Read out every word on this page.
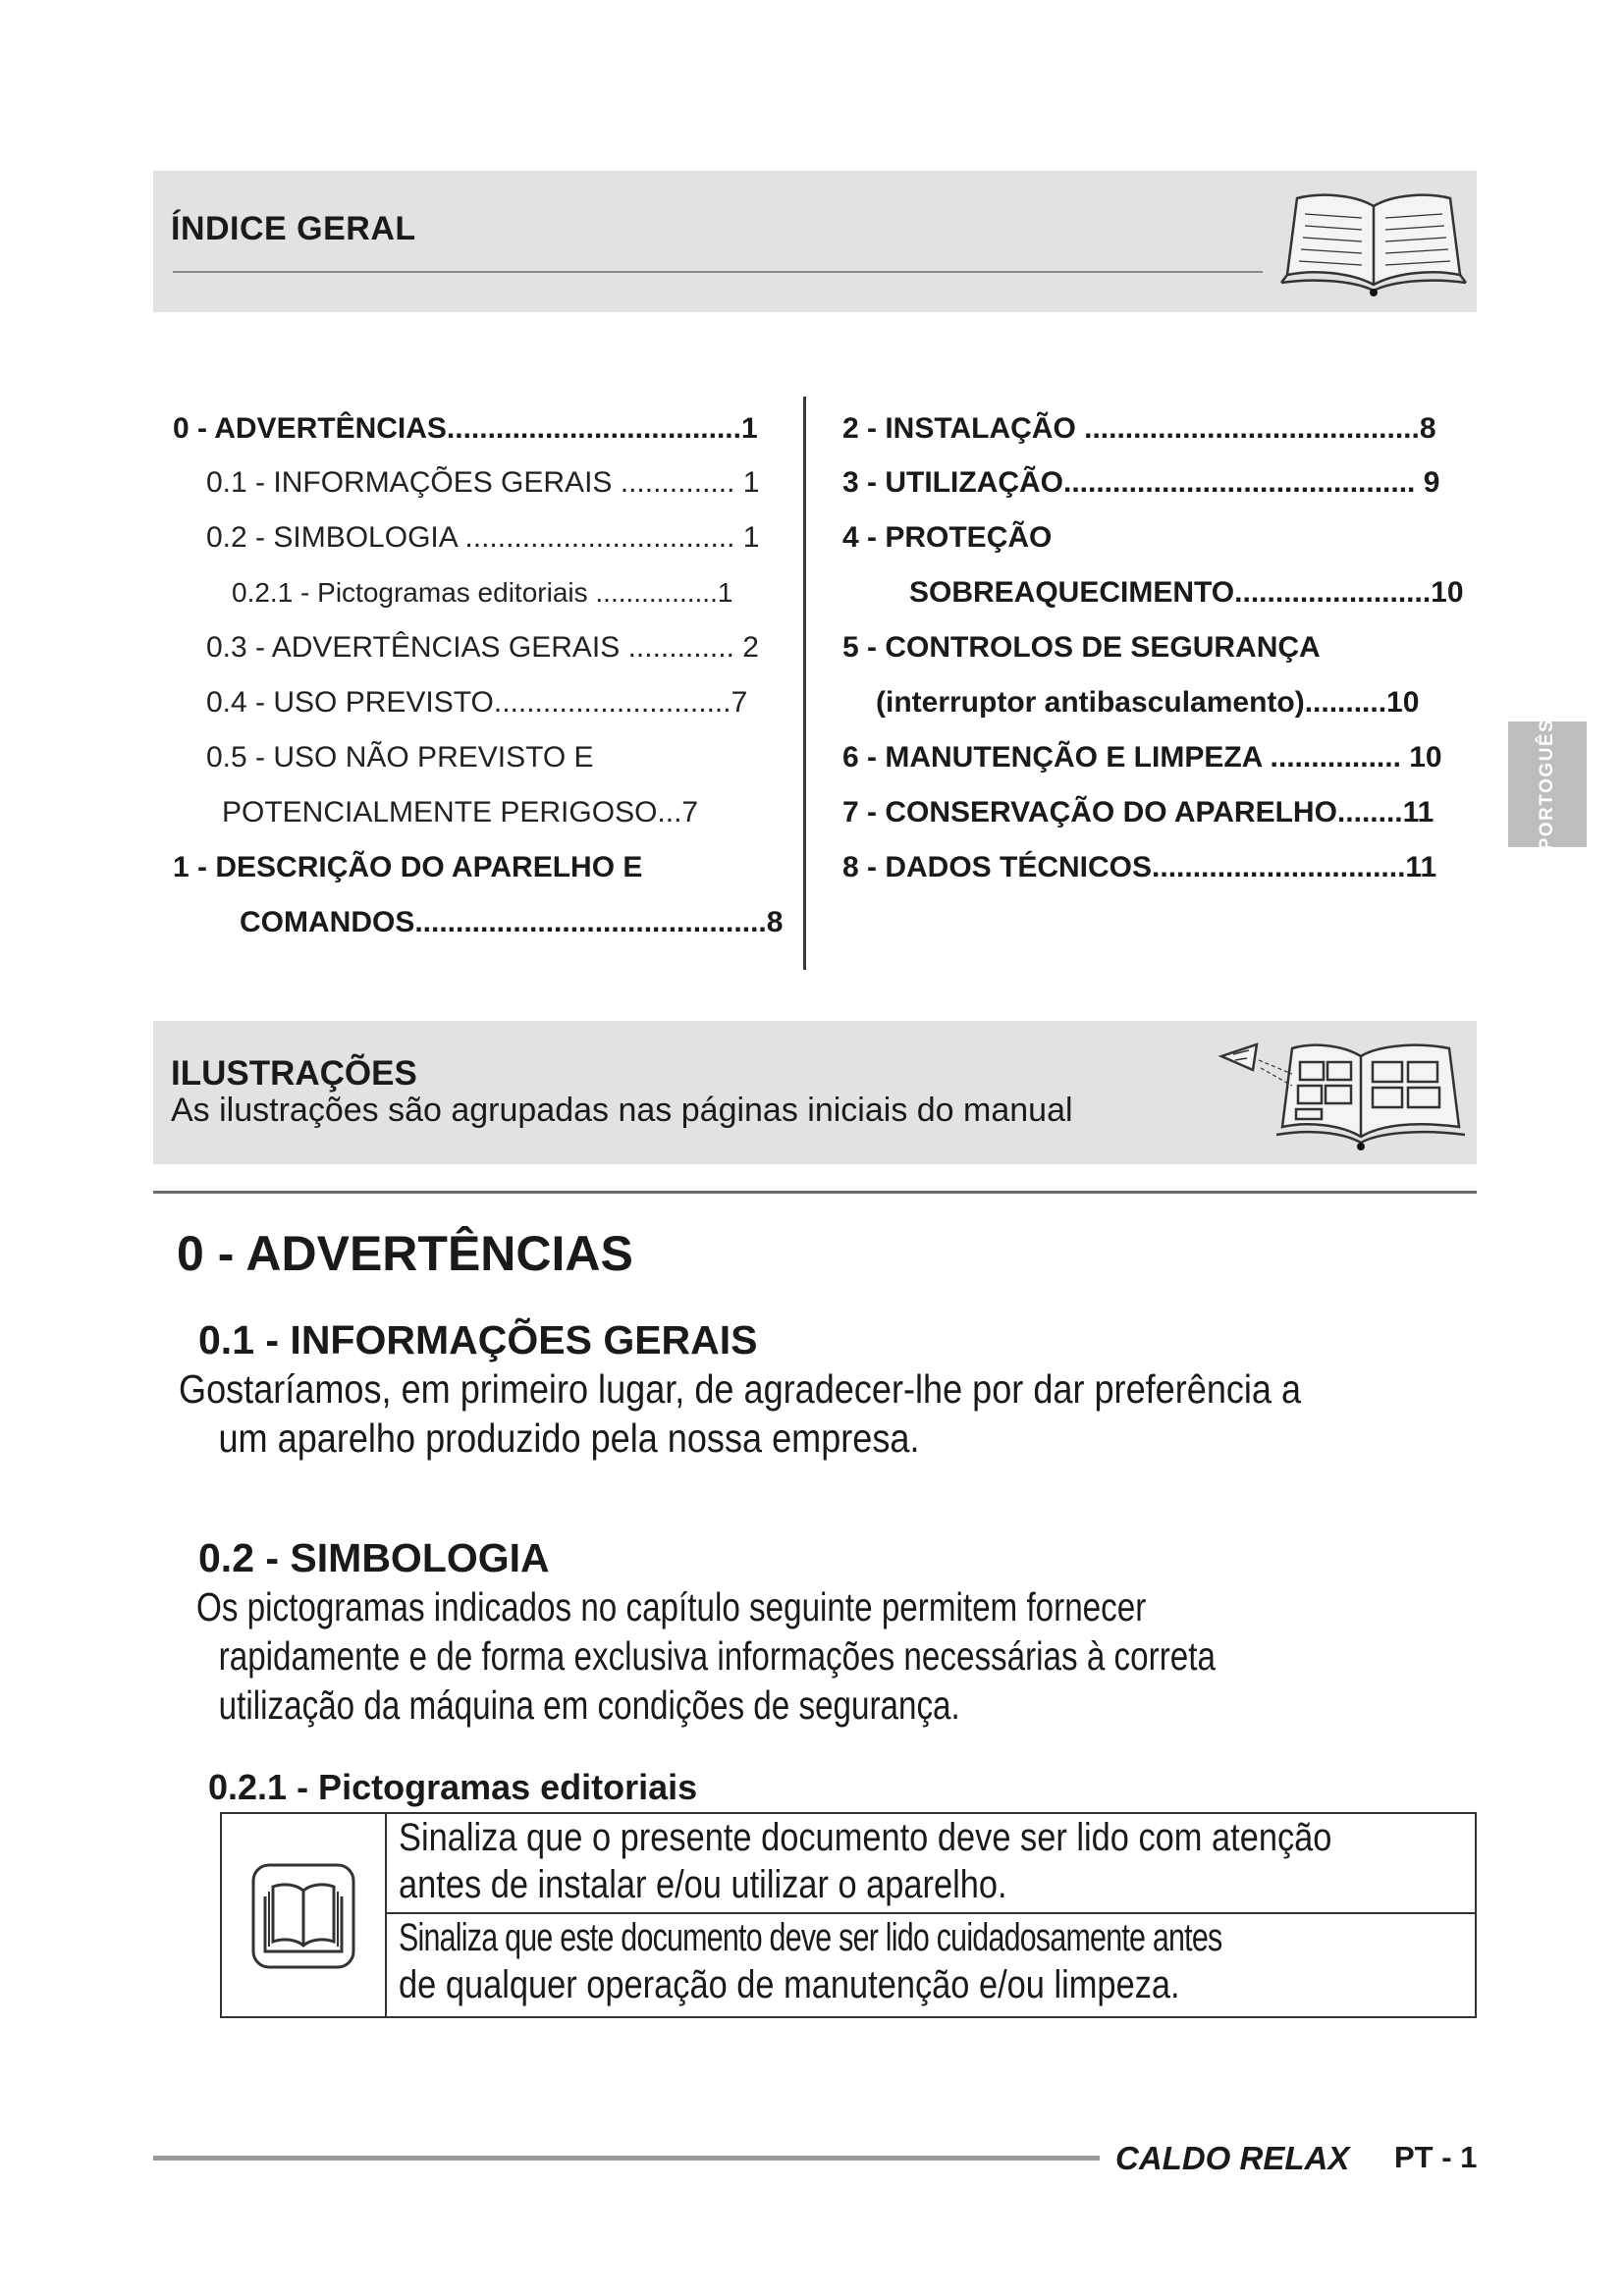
ÍNDICE GERAL
0 - ADVERTÊNCIAS....................................1
0.1 - INFORMAÇÕES GERAIS .............. 1
0.2 - SIMBOLOGIA ................................. 1
0.2.1 - Pictogramas editoriais ................1
0.3 - ADVERTÊNCIAS GERAIS ............. 2
0.4 - USO PREVISTO.............................7
0.5 - USO NÃO PREVISTO E
POTENCIALMENTE PERIGOSO...7
1 - DESCRIÇÃO DO APARELHO E
COMANDOS...........................................8
2 - INSTALAÇÃO .........................................8
3 - UTILIZAÇÃO........................................... 9
4 - PROTEÇÃO
SOBREAQUECIMENTO........................10
5 - CONTROLOS DE SEGURANÇA
(interruptor antibasculamento)..........10
6 - MANUTENÇÃO E LIMPEZA ................ 10
7 - CONSERVAÇÃO DO APARELHO........11
8 - DADOS TÉCNICOS...............................11
PORTOGUÊS
ILUSTRAÇÕES
As ilustrações são agrupadas nas páginas iniciais do manual
0 - ADVERTÊNCIAS
0.1 - INFORMAÇÕES GERAIS
Gostaríamos, em primeiro lugar, de agradecer-lhe por dar preferência a
um aparelho produzido pela nossa empresa.
0.2 - SIMBOLOGIA
Os pictogramas indicados no capítulo seguinte permitem fornecer
rapidamente e de forma exclusiva informações necessárias à correta
utilização da máquina em condições de segurança.
0.2.1 - Pictogramas editoriais
Sinaliza que o presente documento deve ser lido com atenção
antes de instalar e/ou utilizar o aparelho.
Sinaliza que este documento deve ser lido cuidadosamente antes
de qualquer operação de manutenção e/ou limpeza.
CALDO RELAX PT - 1
